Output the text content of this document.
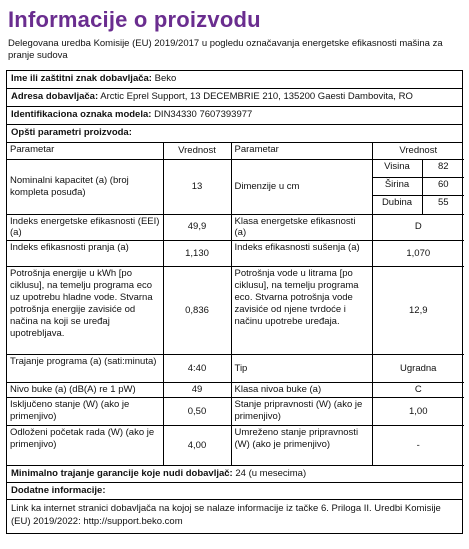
Informacije o proizvodu
Delegovana uredba Komisije (EU) 2019/2017 u pogledu označavanja energetske efikasnosti mašina za pranje sudova
Ime ili zaštitni znak dobavljača: Beko
Adresa dobavljača: Arctic Eprel Support, 13 DECEMBRIE 210, 135200 Gaesti Dambovita, RO
Identifikaciona oznaka modela: DIN34330 7607393977
Opšti parametri proizvoda:
Parametar	Vrednost	Parametar	Vrednost
Nominalni kapacitet (a) (broj kompleta posuđa)	13	Dimenzije u cm	
Visina	82
Širina	60
Dubina	55

Indeks energetske efikasnosti (EEI) (a)	49,9	Klasa energetske efikasnosti (a)	D
Indeks efikasnosti pranja (a)	1,130	Indeks efikasnosti sušenja (a)	1,070
Potrošnja energije u kWh [po ciklusu], na temelju programa eco uz upotrebu hladne vode. Stvarna potrošnja energije zavisiće od načina na koji se uređaj upotrebljava.	0,836	Potrošnja vode u litrama [po ciklusu], na temelju programa eco. Stvarna potrošnja vode zavisiće od njene tvrdoće i načinu upotrebe uređaja.	12,9
Trajanje programa (a) (sati:minuta)	4:40	Tip	Ugradna
Nivo buke (a) (dB(A) re 1 pW)	49	Klasa nivoa buke (a)	C
Isključeno stanje (W) (ako je primenjivo)	0,50	Stanje pripravnosti (W) (ako je primenjivo)	1,00
Odloženi početak rada (W) (ako je primenjivo)	4,00	Umreženo stanje pripravnosti (W) (ako je primenjivo)	-
Minimalno trajanje garancije koje nudi dobavljač: 24 (u mesecima)
Dodatne informacije:
Link ka internet stranici dobavljača na kojoj se nalaze informacije iz tačke 6. Priloga II. Uredbi Komisije (EU) 2019/2022: http://support.beko.com
